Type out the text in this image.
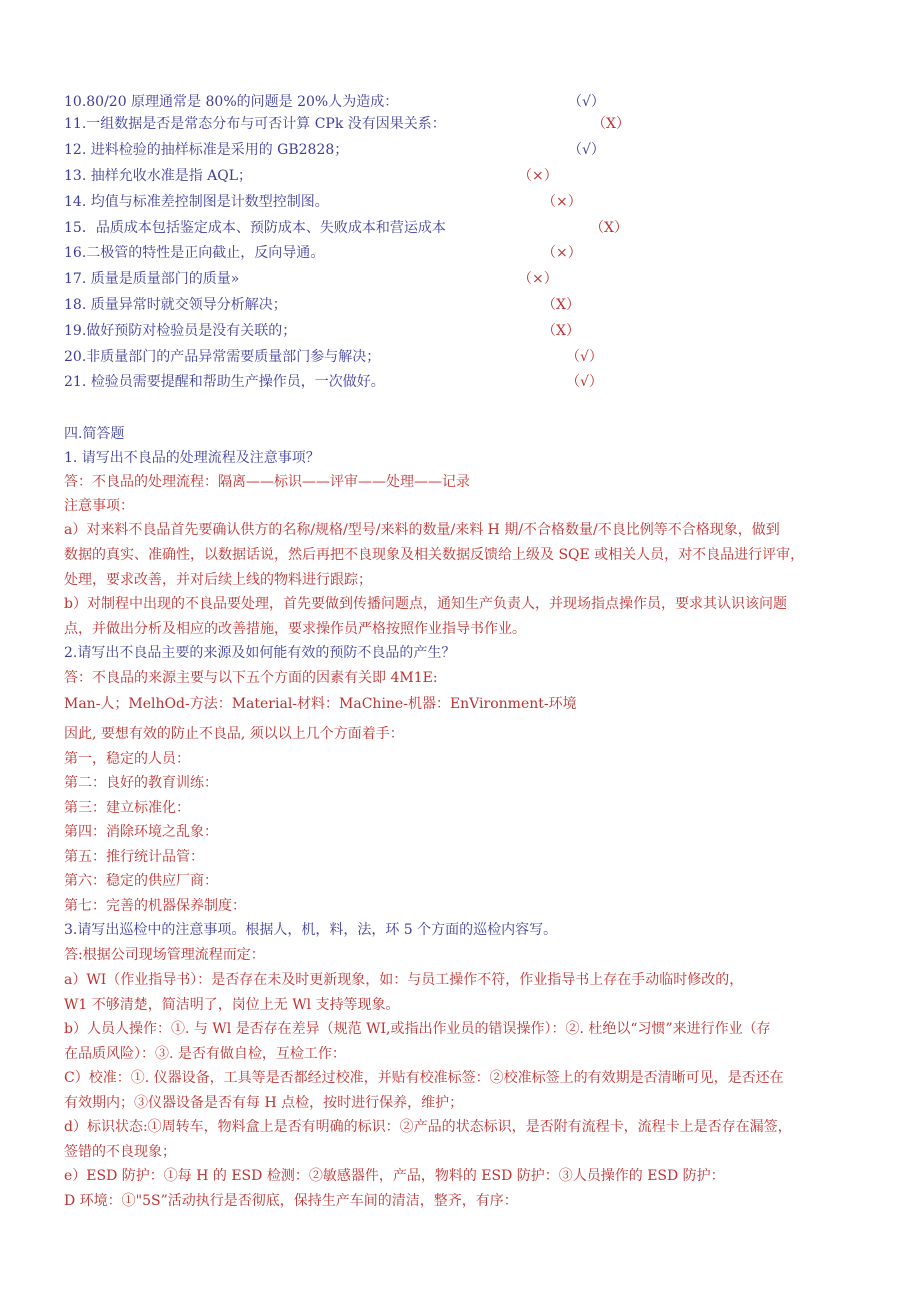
10.80/20 原理通常是 80%的问题是 20%人为造成：	（√）
11.一组数据是否是常态分布与可否计算 CPk 没有因果关系：	（X）
12. 进料检验的抽样标准是采用的 GB2828；	（√）
13. 抽样允收水准是指 AQL；	（×）
14. 均值与标准差控制图是计数型控制图。	（×）
15．品质成本包括鉴定成本、预防成本、失败成本和营运成本	（X）
16.二极管的特性是正向截止，反向导通。	（×）
17. 质量是质量部门的质量»	（×）
18. 质量异常时就交领导分析解决；	（X）
19.做好预防对检验员是没有关联的；	（X）
20.非质量部门的产品异常需要质量部门参与解决；	（√）
21. 检验员需要提醒和帮助生产操作员，一次做好。	（√）
四.简答题
1. 请写出不良品的处理流程及注意事项？
答：不良品的处理流程：隔离——标识——评审——处理——记录
注意事项：
a）对来料不良品首先要确认供方的名称/规格/型号/来料的数量/来料 H 期/不合格数量/不良比例等不合格现象，做到
数据的真实、准确性，以数据话说，然后再把不良现象及相关数据反馈给上级及 SQE 或相关人员，对不良品进行评审，
处理，要求改善，并对后续上线的物料进行跟踪；
b）对制程中出现的不良品要处理，首先要做到传播问题点，通知生产负责人，并现场指点操作员，要求其认识该问题
点，并做出分析及相应的改善措施，要求操作员严格按照作业指导书作业。
2.请写出不良品主要的来源及如何能有效的预防不良品的产生？
答：不良品的来源主要与以下五个方面的因素有关即 4M1E:
Man-人；MelhOd-方法：Material-材料：MaChine-机器：EnVironment-环境
因此, 要想有效的防止不良品, 须以以上几个方面着手：
第一，稳定的人员：
第二：良好的教育训练：
第三：建立标准化：
第四：消除环境之乱象：
第五：推行统计品管：
第六：稳定的供应厂商：
第七：完善的机器保养制度：
3.请写出巡检中的注意事项。根据人，机，料，法，环 5 个方面的巡检内容写。
答:根据公司现场管理流程而定：
a）WI（作业指导书）：是否存在未及时更新现象，如：与员工操作不符，作业指导书上存在手动临时修改的，
W1 不够清楚，简洁明了，岗位上无 Wl 支持等现象。
b）人员人操作：①. 与 Wl 是否存在差异（规范 WI,或指出作业员的错误操作）：②. 杜绝以“习惯”来进行作业（存
在品质风险）：③. 是否有做自检，互检工作：
C）校准：①. 仪器设备，工具等是否都经过校准，并贴有校准标签：②校准标签上的有效期是否清晰可见，是否还在
有效期内；③仪器设备是否有每 H 点检，按时进行保养，维护；
d）标识状态:①周转车，物料盒上是否有明确的标识：②产品的状态标识，是否附有流程卡，流程卡上是否存在漏签，
签错的不良现象；
e）ESD 防护：①每 H 的 ESD 检测：②敏感器件，产品，物料的 ESD 防护：③人员操作的 ESD 防护：
D 环境：①"5S”活动执行是否彻底，保持生产车间的清洁，整齐，有序：
